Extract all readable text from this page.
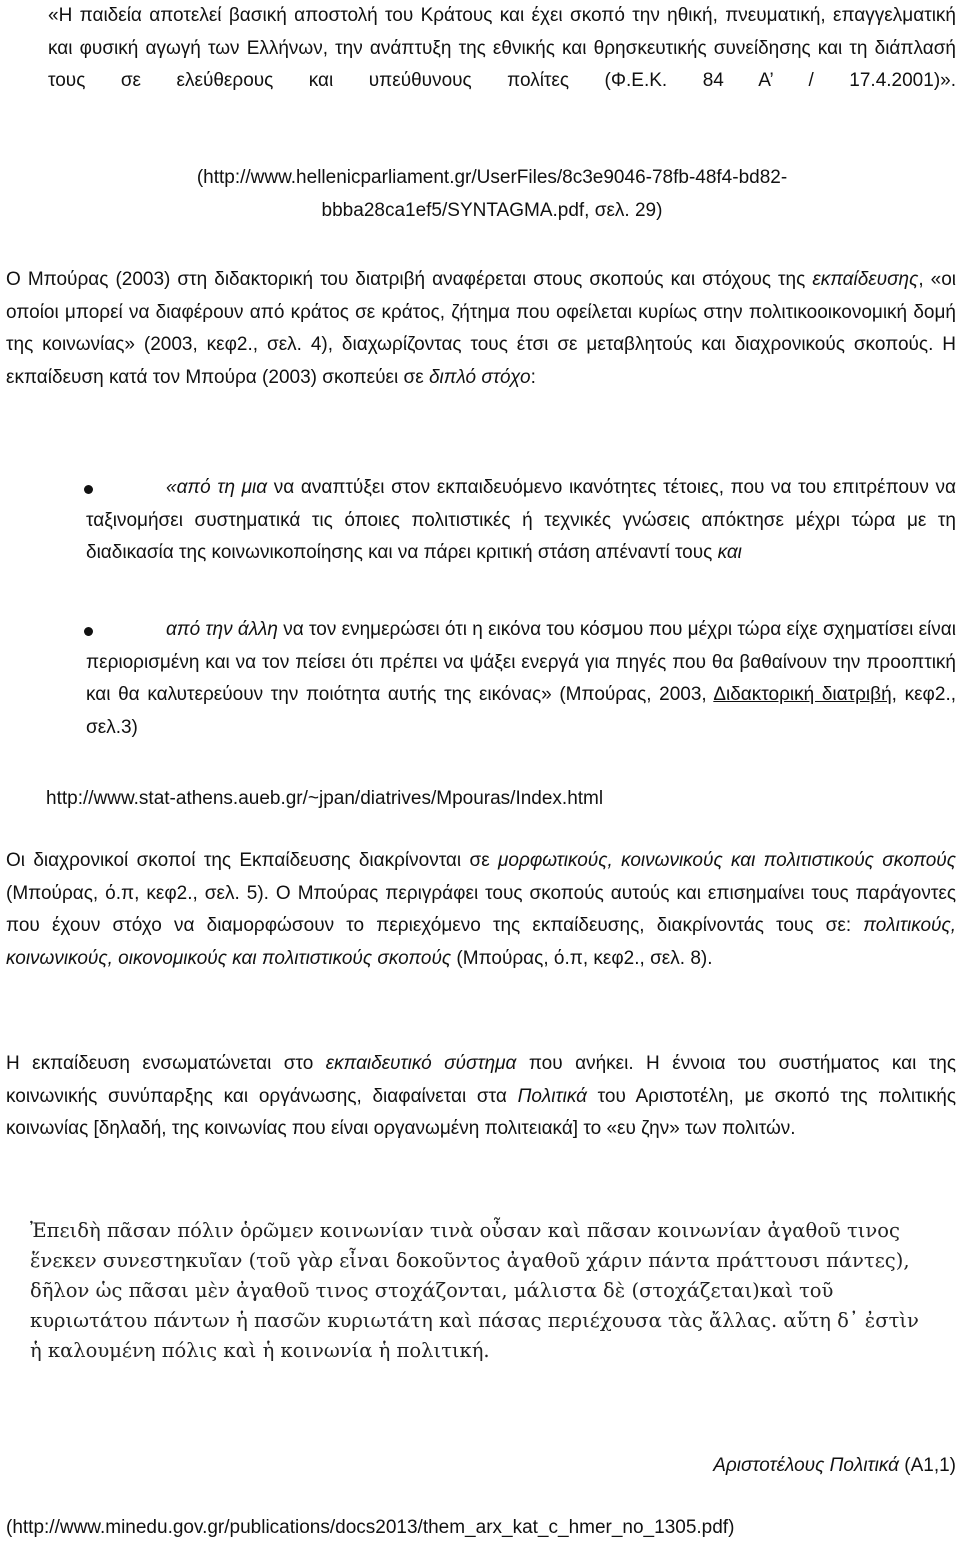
«Η παιδεία αποτελεί βασική αποστολή του Κράτους και έχει σκοπό την ηθική, πνευματική, επαγγελματική και φυσική αγωγή των Ελλήνων, την ανάπτυξη της εθνικής και θρησκευτικής συνείδησης και τη διάπλασή τους σε ελεύθερους και υπεύθυνους πολίτες (Φ.Ε.Κ. 84 Α’ / 17.4.2001)».

(http://www.hellenicparliament.gr/UserFiles/8c3e9046-78fb-48f4-bd82-
bbba28ca1ef5/SYNTAGMA.pdf, σελ. 29)

Ο Μπούρας (2003) στη διδακτορική του διατριβή αναφέρεται στους σκοπούς και στόχους της εκπαίδευσης, «οι οποίοι μπορεί να διαφέρουν από κράτος σε κράτος, ζήτημα που οφείλεται κυρίως στην πολιτικοοικονομική δομή της κοινωνίας» (2003, κεφ2., σελ. 4), διαχωρίζοντας τους έτσι σε μεταβλητούς και διαχρονικούς σκοπούς. Η εκπαίδευση κατά τον Μπούρα (2003) σκοπεύει σε διπλό στόχο:

«από τη μια να αναπτύξει στον εκπαιδευόμενο ικανότητες τέτοιες, που να του επιτρέπουν να ταξινομήσει συστηματικά τις όποιες πολιτιστικές ή τεχνικές γνώσεις απόκτησε μέχρι τώρα με τη διαδικασία της κοινωνικοποίησης και να πάρει κριτική στάση απέναντί τους και

από την άλλη να τον ενημερώσει ότι η εικόνα του κόσμου που μέχρι τώρα είχε σχηματίσει είναι περιορισμένη και να τον πείσει ότι πρέπει να ψάξει ενεργά για πηγές που θα βαθαίνουν την προοπτική και θα καλυτερεύουν την ποιότητα αυτής της εικόνας» (Μπούρας, 2003, Διδακτορική διατριβή, κεφ2., σελ.3)

http://www.stat-athens.aueb.gr/~jpan/diatrives/Mpouras/Index.html

Οι διαχρονικοί σκοποί της Εκπαίδευσης διακρίνονται σε μορφωτικούς, κοινωνικούς και πολιτιστικούς σκοπούς (Μπούρας, ό.π, κεφ2., σελ. 5). Ο Μπούρας περιγράφει τους σκοπούς αυτούς και επισημαίνει τους παράγοντες που έχουν στόχο να διαμορφώσουν το περιεχόμενο της εκπαίδευσης, διακρίνοντάς τους σε: πολιτικούς, κοινωνικούς, οικονομικούς και πολιτιστικούς σκοπούς (Μπούρας, ό.π, κεφ2., σελ. 8).

Η εκπαίδευση ενσωματώνεται στο εκπαιδευτικό σύστημα που ανήκει. Η έννοια του συστήματος και της κοινωνικής συνύπαρξης και οργάνωσης, διαφαίνεται στα Πολιτικά του Αριστοτέλη, με σκοπό της πολιτικής κοινωνίας [δηλαδή, της κοινωνίας που είναι οργανωμένη πολιτειακά] το «ευ ζην» των πολιτών.

Ἐπειδὴ πᾶσαν πόλιν ὁρῶμεν κοινωνίαν τινὰ οὖσαν καὶ πᾶσαν κοινωνίαν ἀγαθοῦ τινος ἕνεκεν συνεστηκυῖαν (τοῦ γὰρ εἶναι δοκοῦντος ἀγαθοῦ χάριν πάντα πράττουσι πάντες), δῆλον ὡς πᾶσαι μὲν ἀγαθοῦ τινος στοχάζονται, μάλιστα δὲ (στοχάζεται)καὶ τοῦ κυριωτάτου πάντων ἡ πασῶν κυριωτάτη καὶ πάσας περιέχουσα τὰς ἄλλας. αὕτη δ᾽ ἐστὶν ἡ καλουμένη πόλις καὶ ἡ κοινωνία ἡ πολιτική.

Αριστοτέλους Πολιτικά (Α1,1)

(http://www.minedu.gov.gr/publications/docs2013/them_arx_kat_c_hmer_no_1305.pdf)
